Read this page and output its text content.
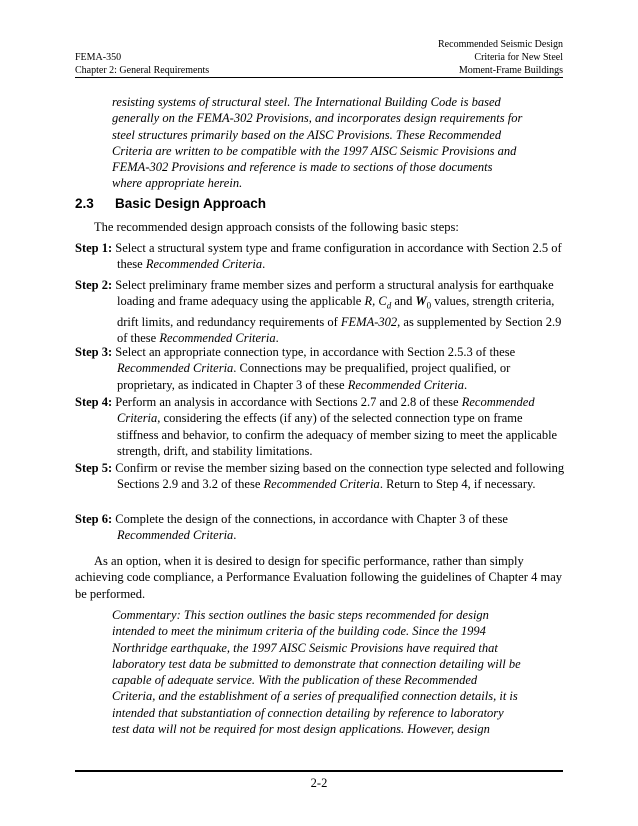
FEMA-350
Chapter 2: General Requirements
Recommended Seismic Design
Criteria for New Steel
Moment-Frame Buildings
resisting systems of structural steel. The International Building Code is based
generally on the FEMA-302 Provisions, and incorporates design requirements for
steel structures primarily based on the AISC Provisions. These Recommended
Criteria are written to be compatible with the 1997 AISC Seismic Provisions and
FEMA-302 Provisions and reference is made to sections of those documents
where appropriate herein.
2.3 Basic Design Approach
The recommended design approach consists of the following basic steps:
Step 1: Select a structural system type and frame configuration in accordance with Section 2.5 of these Recommended Criteria.
Step 2: Select preliminary frame member sizes and perform a structural analysis for earthquake loading and frame adequacy using the applicable R, $C_d$ and $W_0$ values, strength criteria, drift limits, and redundancy requirements of FEMA-302, as supplemented by Section 2.9 of these Recommended Criteria.
Step 3: Select an appropriate connection type, in accordance with Section 2.5.3 of these Recommended Criteria. Connections may be prequalified, project qualified, or proprietary, as indicated in Chapter 3 of these Recommended Criteria.
Step 4: Perform an analysis in accordance with Sections 2.7 and 2.8 of these Recommended Criteria, considering the effects (if any) of the selected connection type on frame stiffness and behavior, to confirm the adequacy of member sizing to meet the applicable strength, drift, and stability limitations.
Step 5: Confirm or revise the member sizing based on the connection type selected and following Sections 2.9 and 3.2 of these Recommended Criteria. Return to Step 4, if necessary.
Step 6: Complete the design of the connections, in accordance with Chapter 3 of these Recommended Criteria.
As an option, when it is desired to design for specific performance, rather than simply achieving code compliance, a Performance Evaluation following the guidelines of Chapter 4 may be performed.
Commentary: This section outlines the basic steps recommended for design
intended to meet the minimum criteria of the building code. Since the 1994
Northridge earthquake, the 1997 AISC Seismic Provisions have required that
laboratory test data be submitted to demonstrate that connection detailing will be
capable of adequate service. With the publication of these Recommended
Criteria, and the establishment of a series of prequalified connection details, it is
intended that substantiation of connection detailing by reference to laboratory
test data will not be required for most design applications. However, design
2-2
